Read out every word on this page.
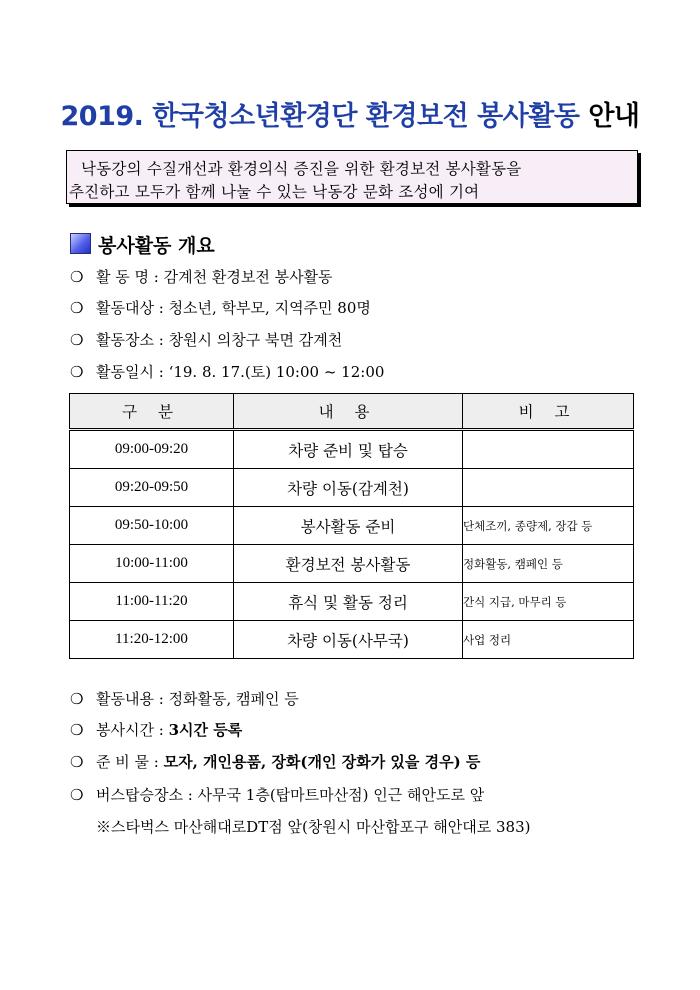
2019. 한국청소년환경단 환경보전 봉사활동 안내
낙동강의 수질개선과 환경의식 증진을 위한 환경보전 봉사활동을
추진하고 모두가 함께 나눌 수 있는 낙동강 문화 조성에 기여
봉사활동 개요
❍ 활 동 명 : 감계천 환경보전 봉사활동
❍ 활동대상 : 청소년, 학부모, 지역주민 80명
❍ 활동장소 : 창원시 의창구 북면 감계천
❍ 활동일시 : ‘19. 8. 17.(토) 10:00 ~ 12:00
구 분	내 용	비 고
09:00-09:20	차량 준비 및 탑승	
09:20-09:50	차량 이동(감계천)	
09:50-10:00	봉사활동 준비	단체조끼, 종량제, 장갑 등
10:00-11:00	환경보전 봉사활동	정화활동, 캠페인 등
11:00-11:20	휴식 및 활동 정리	간식 지급, 마무리 등
11:20-12:00	차량 이동(사무국)	사업 정리
❍ 활동내용 : 정화활동, 캠페인 등
❍ 봉사시간 : 3시간 등록
❍ 준 비 물 : 모자, 개인용품, 장화(개인 장화가 있을 경우) 등
❍ 버스탑승장소 : 사무국 1층(탑마트마산점) 인근 해안도로 앞
※스타벅스 마산해대로DT점 앞(창원시 마산합포구 해안대로 383)
